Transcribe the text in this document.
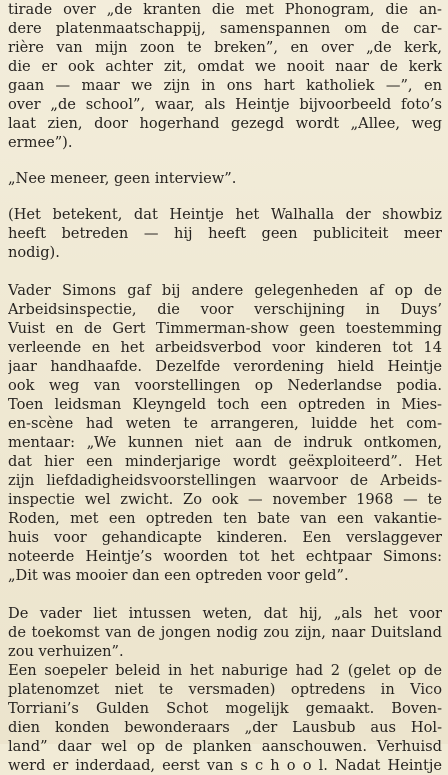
tirade over „de kranten die met Phonogram, die an-
dere platenmaatschappij, samenspannen om de car-
rière van mijn zoon te breken”, en over „de kerk,
die er ook achter zit, omdat we nooit naar de kerk
gaan — maar we zijn in ons hart katholiek —”, en
over „de school”, waar, als Heintje bijvoorbeeld foto’s
laat zien, door hogerhand gezegd wordt „Allee, weg
ermee”).
„Nee meneer, geen interview”.
(Het betekent, dat Heintje het Walhalla der showbiz
heeft betreden — hij heeft geen publiciteit meer
nodig).
Vader Simons gaf bij andere gelegenheden af op de
Arbeidsinspectie, die voor verschijning in Duys’
Vuist en de Gert Timmerman-show geen toestemming
verleende en het arbeidsverbod voor kinderen tot 14
jaar handhaafde. Dezelfde verordening hield Heintje
ook weg van voorstellingen op Nederlandse podia.
Toen leidsman Kleyngeld toch een optreden in Mies-
en-scène had weten te arrangeren, luidde het com-
mentaar: „We kunnen niet aan de indruk ontkomen,
dat hier een minderjarige wordt geëxploiteerd”. Het
zijn liefdadigheidsvoorstellingen waarvoor de Arbeids-
inspectie wel zwicht. Zo ook — november 1968 — te
Roden, met een optreden ten bate van een vakantie-
huis voor gehandicapte kinderen. Een verslaggever
noteerde Heintje’s woorden tot het echtpaar Simons:
„Dit was mooier dan een optreden voor geld”.
De vader liet intussen weten, dat hij, „als het voor
de toekomst van de jongen nodig zou zijn, naar Duitsland
zou verhuizen”.
Een soepeler beleid in het naburige had 2 (gelet op de
platenomzet niet te versmaden) optredens in Vico
Torriani’s Gulden Schot mogelijk gemaakt. Boven-
dien konden bewonderaars „der Lausbub aus Hol-
land” daar wel op de planken aanschouwen. Verhuisd
werd er inderdaad, eerst van s c h o o l. Nadat Heintje
